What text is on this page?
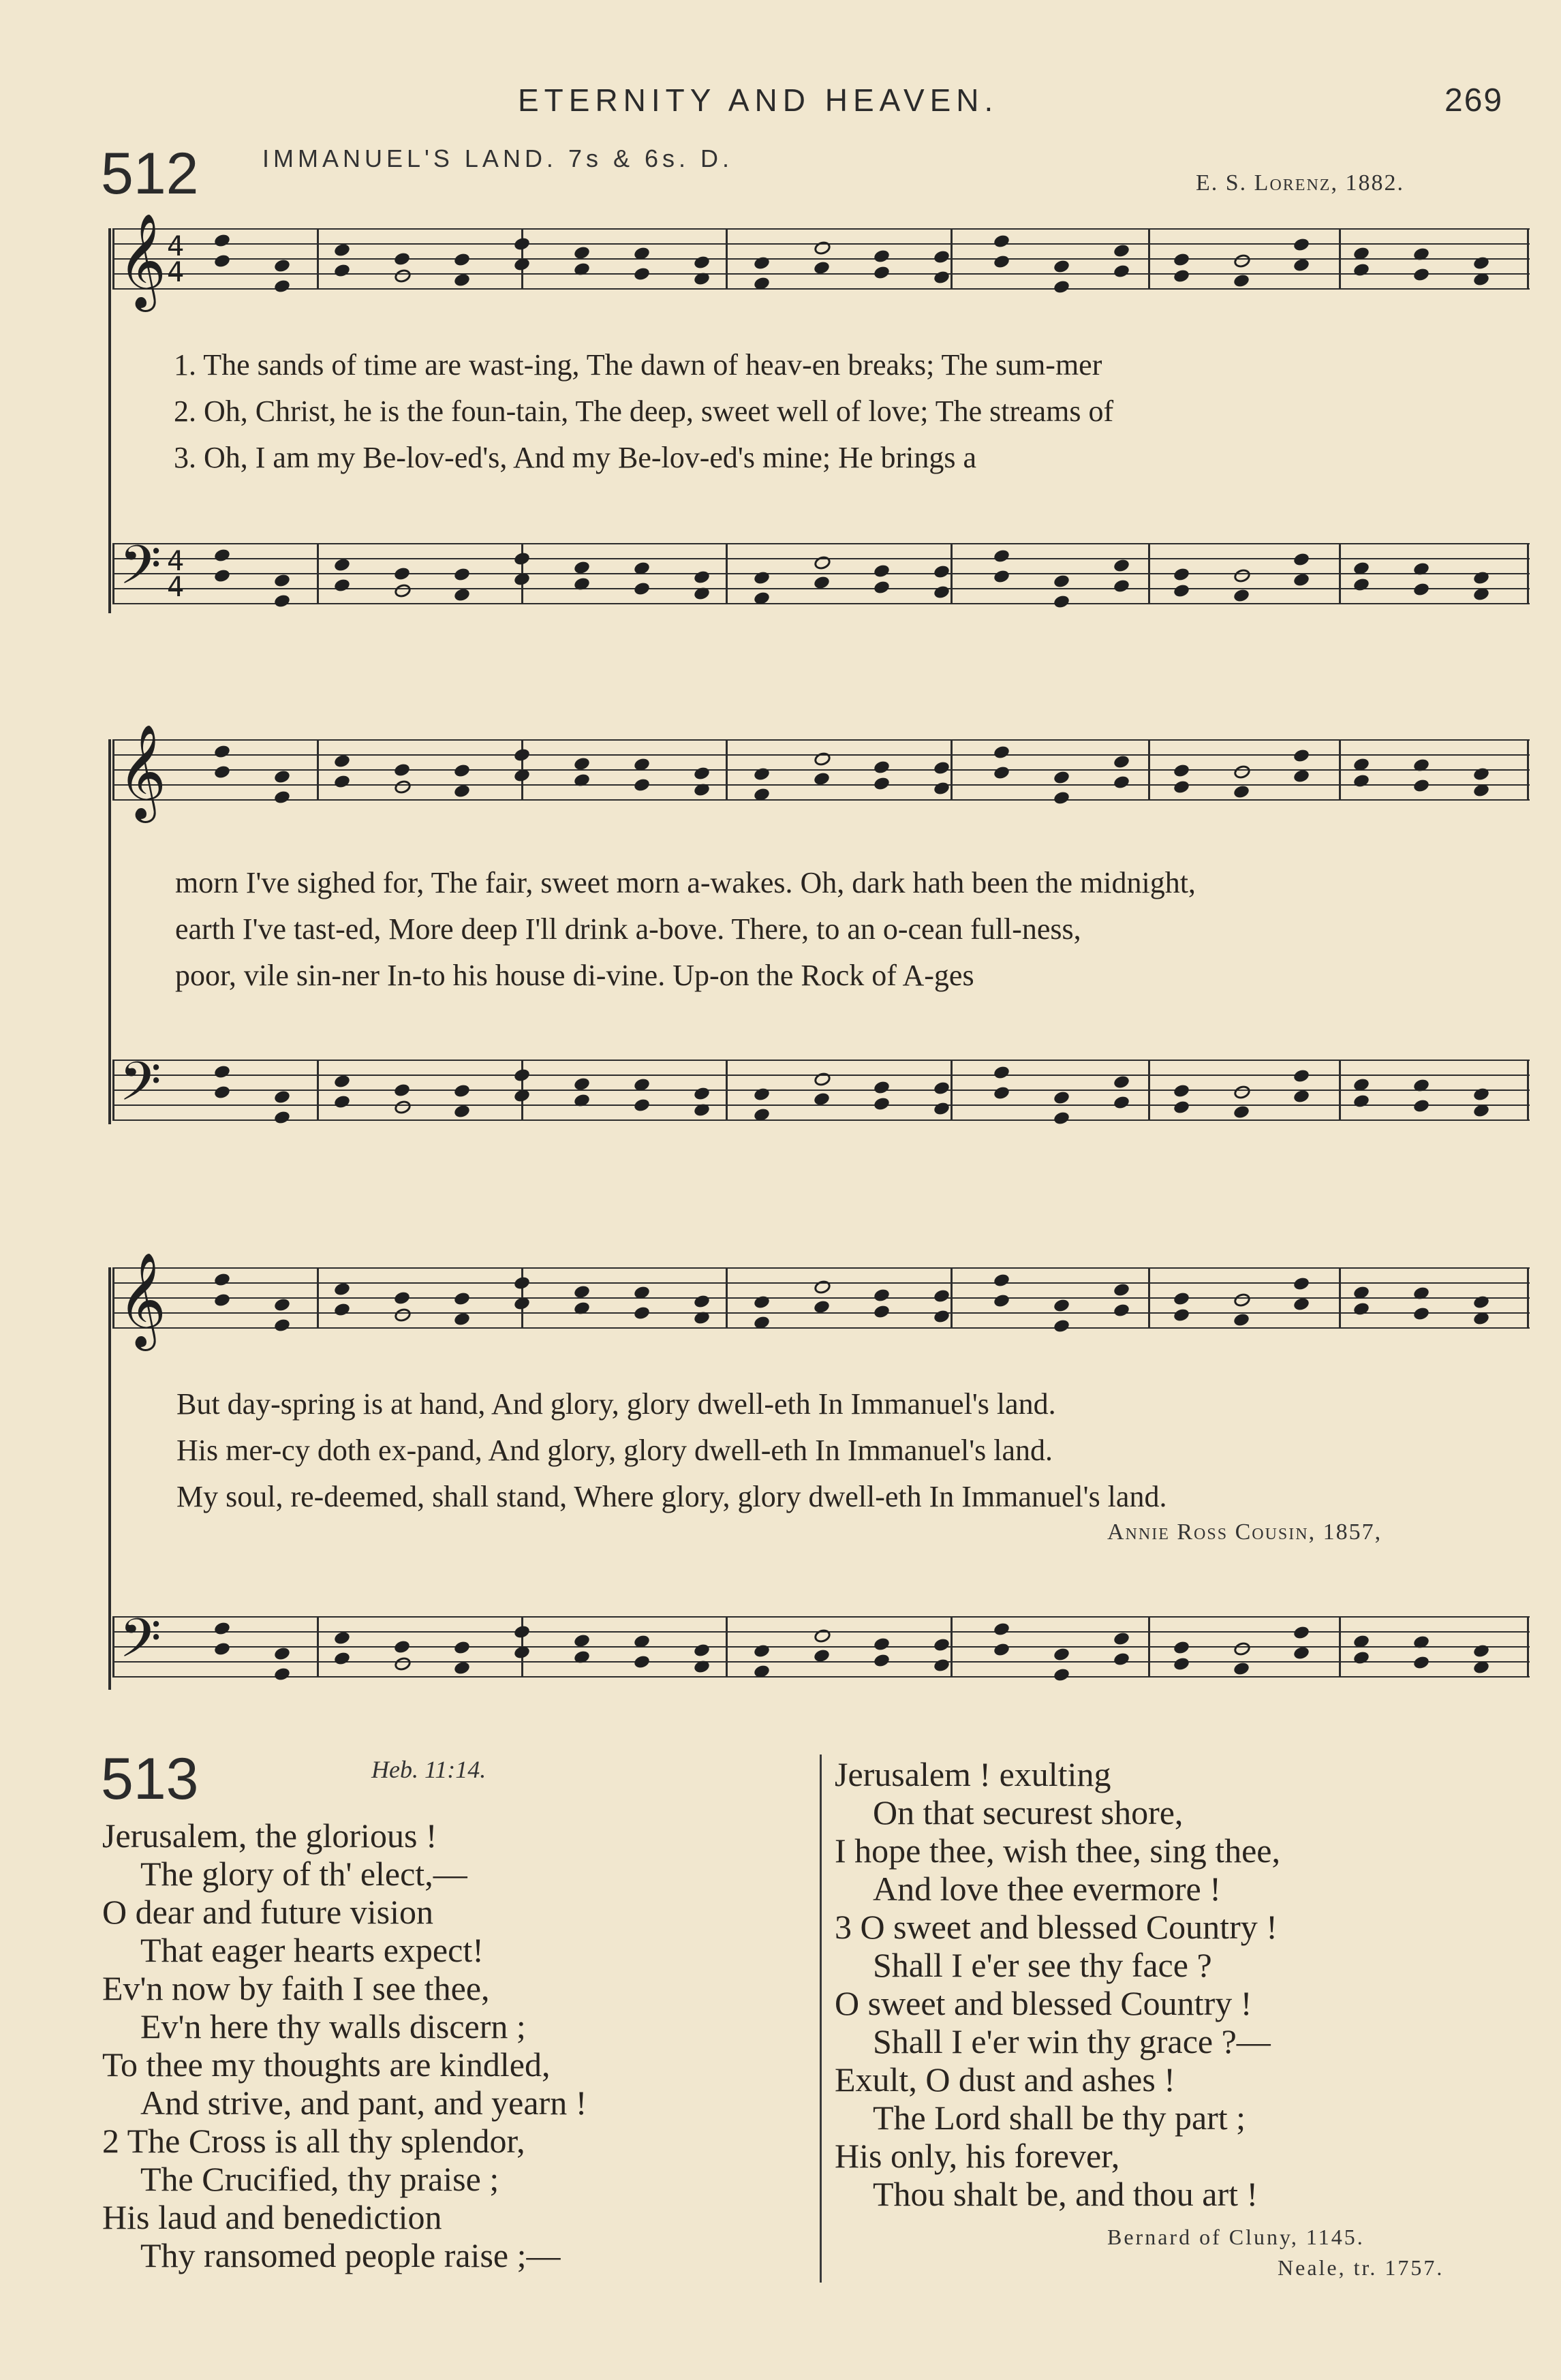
ETERNITY AND HEAVEN.	269
512	IMMANUEL'S LAND. 7s & 6s. D.
E. S. Lorenz, 1882.
𝄞
𝄢
4
4
4
4
1. The sands of time are wast-ing, The dawn of heav-en breaks; The sum-mer
2. Oh, Christ, he is the foun-tain, The deep, sweet well of love; The streams of
3. Oh, I am my Be-lov-ed's, And my Be-lov-ed's mine; He brings a
𝄞
𝄢
morn I've sighed for, The fair, sweet morn a-wakes. Oh, dark hath been the midnight,
earth I've tast-ed, More deep I'll drink a-bove. There, to an o-cean full-ness,
poor, vile sin-ner In-to his house di-vine. Up-on the Rock of A-ges
𝄞
𝄢
But day-spring is at hand, And glory, glory dwell-eth In Immanuel's land.
His mer-cy doth ex-pand, And glory, glory dwell-eth In Immanuel's land.
My soul, re-deemed, shall stand, Where glory, glory dwell-eth In Immanuel's land.
Annie Ross Cousin, 1857,
513	Heb. 11:14.
Jerusalem, the glorious !
The glory of th' elect,—
O dear and future vision
That eager hearts expect!
Ev'n now by faith I see thee,
Ev'n here thy walls discern ;
To thee my thoughts are kindled,
And strive, and pant, and yearn !
2 The Cross is all thy splendor,
The Crucified, thy praise ;
His laud and benediction
Thy ransomed people raise ;—
Jerusalem ! exulting
On that securest shore,
I hope thee, wish thee, sing thee,
And love thee evermore !
3 O sweet and blessed Country !
Shall I e'er see thy face ?
O sweet and blessed Country !
Shall I e'er win thy grace ?—
Exult, O dust and ashes !
The Lord shall be thy part ;
His only, his forever,
Thou shalt be, and thou art !
Bernard of Cluny, 1145.
Neale, tr. 1757.
